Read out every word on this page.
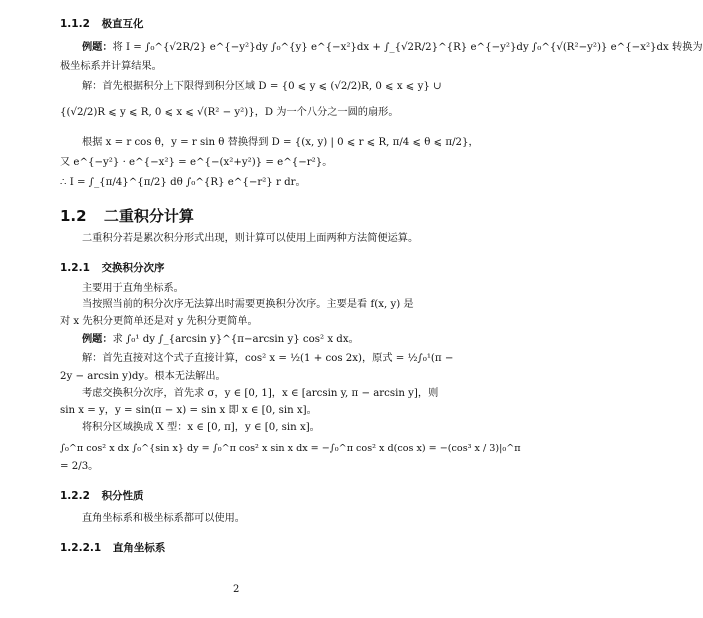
1.1.2 极直互化
例题：将 I = ∫₀^{√2R/2} e^{−y²}dy ∫₀^{y} e^{−x²}dx + ∫_{√2R/2}^{R} e^{−y²}dy ∫₀^{√(R²−y²)} e^{−x²}dx 转换为
极坐标系并计算结果。
解：首先根据积分上下限得到积分区域 D = {0 ⩽ y ⩽ (√2/2)R, 0 ⩽ x ⩽ y} ∪
{(√2/2)R ⩽ y ⩽ R, 0 ⩽ x ⩽ √(R² − y²)}，D 为一个八分之一圆的扇形。
根据 x = r cos θ，y = r sin θ 替换得到 D = {(x, y) | 0 ⩽ r ⩽ R, π/4 ⩽ θ ⩽ π/2}，
又 e^{−y²} · e^{−x²} = e^{−(x²+y²)} = e^{−r²}。
∴ I = ∫_{π/4}^{π/2} dθ ∫₀^{R} e^{−r²} r dr。
1.2 二重积分计算
二重积分若是累次积分形式出现，则计算可以使用上面两种方法简便运算。
1.2.1 交换积分次序
主要用于直角坐标系。
当按照当前的积分次序无法算出时需要更换积分次序。主要是看 f(x, y) 是
对 x 先积分更简单还是对 y 先积分更简单。
例题：求 ∫₀¹ dy ∫_{arcsin y}^{π−arcsin y} cos² x dx。
解：首先直接对这个式子直接计算，cos² x = ½(1 + cos 2x)，原式 = ½∫₀¹(π −
2y − arcsin y)dy。根本无法解出。
考虑交换积分次序，首先求 σ，y ∈ [0, 1]，x ∈ [arcsin y, π − arcsin y]，则
sin x = y，y = sin(π − x) = sin x 即 x ∈ [0, sin x]。
将积分区域换成 X 型：x ∈ [0, π]，y ∈ [0, sin x]。
∫₀^π cos² x dx ∫₀^{sin x} dy = ∫₀^π cos² x sin x dx = −∫₀^π cos² x d(cos x) = −(cos³ x / 3)|₀^π
= 2/3。
1.2.2 积分性质
直角坐标系和极坐标系都可以使用。
1.2.2.1 直角坐标系
2
